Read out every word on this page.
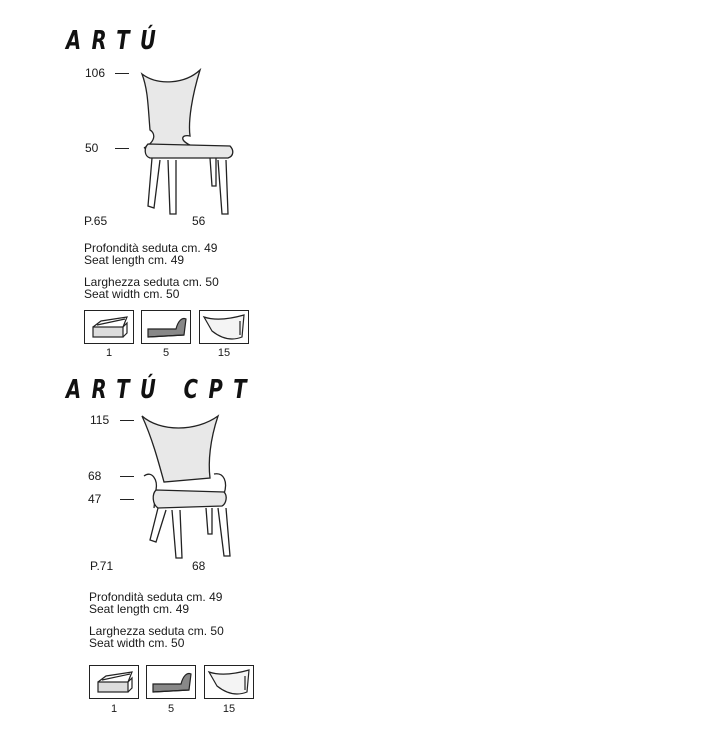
ARTÚ
106
50
P.65	56
Profondità seduta cm. 49
Seat length cm. 49
Larghezza seduta cm. 50
Seat width cm. 50
1	5	15
ARTÚ CPT
115
68
47
P.71	68
Profondità seduta cm. 49
Seat length cm. 49
Larghezza seduta cm. 50
Seat width cm. 50
1	5	15
